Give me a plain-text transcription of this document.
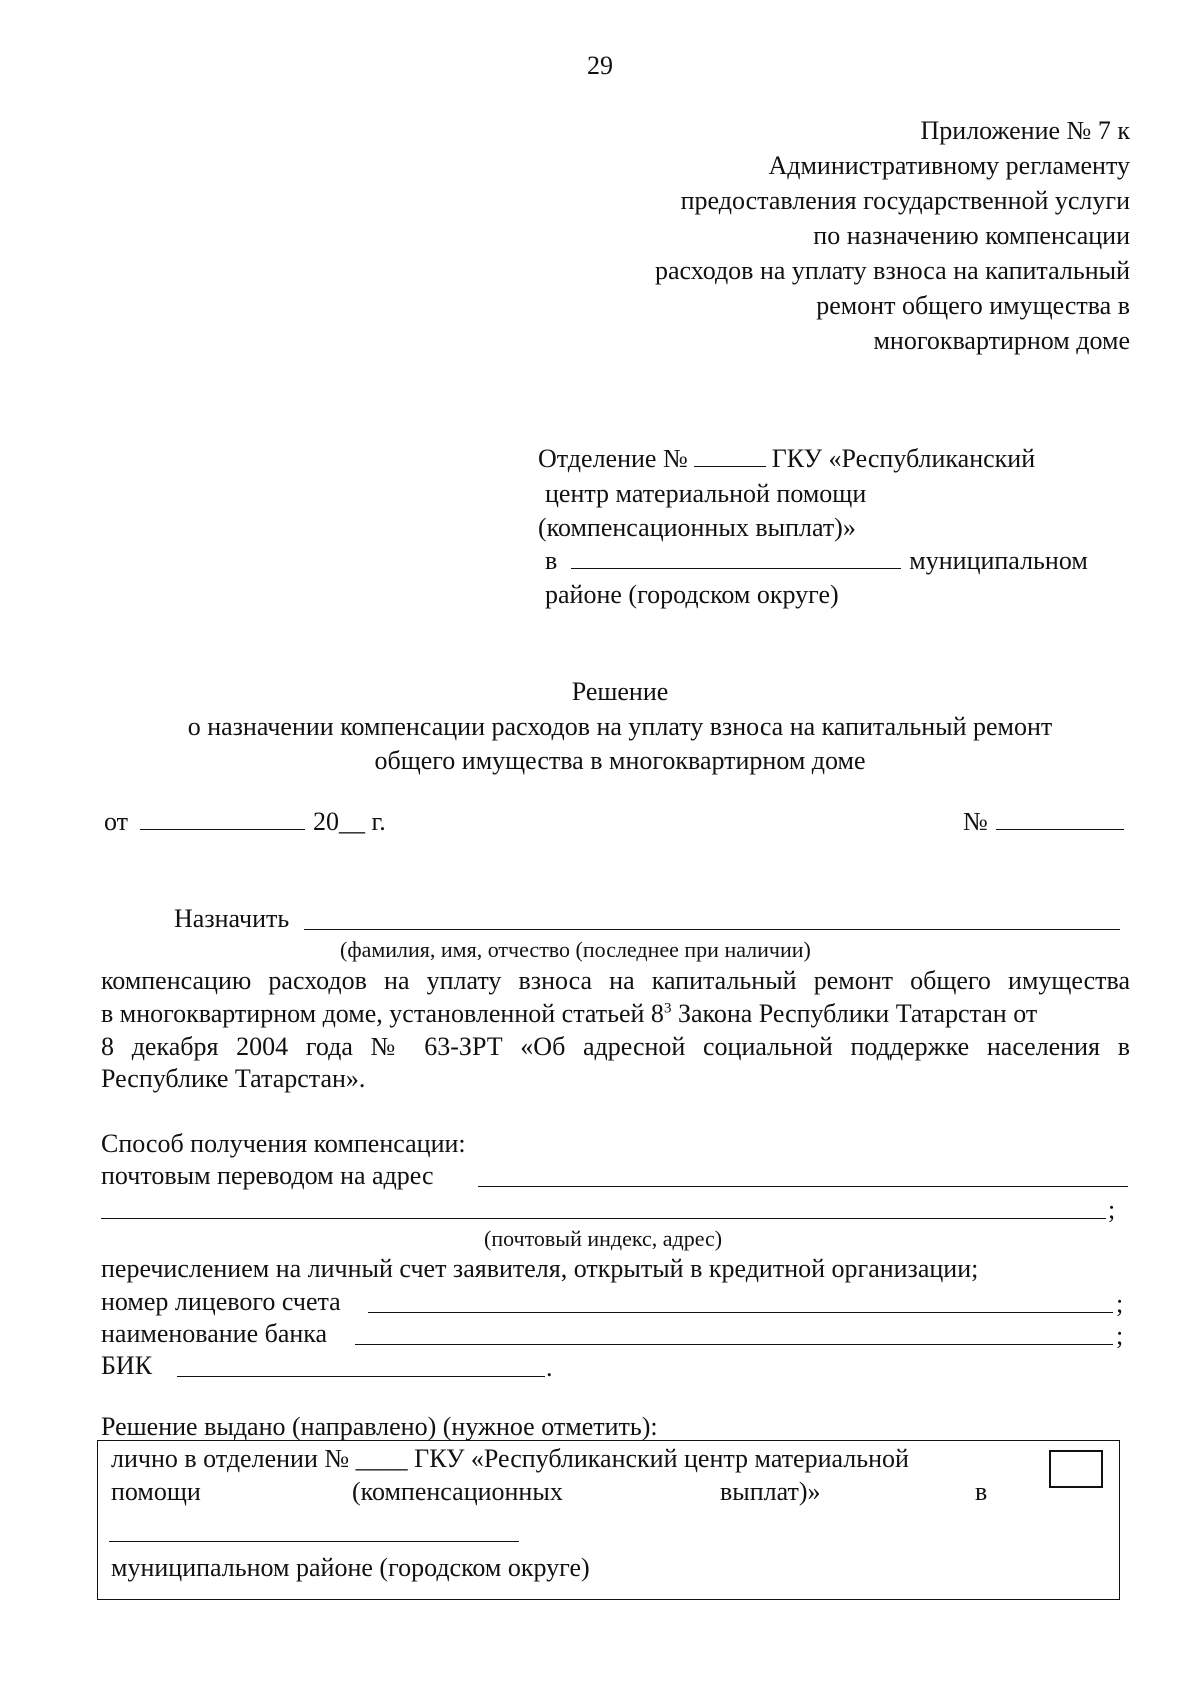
29
Приложение № 7 к
Административному регламенту
предоставления государственной услуги
по назначению компенсации
расходов на уплату взноса на капитальный
ремонт общего имущества в
многоквартирном доме
Отделение №	ГКУ «Республиканский
центр материальной помощи
(компенсационных выплат)»
в	муниципальном
районе (городском округе)
Решение
о назначении компенсации расходов на уплату взноса на капитальный ремонт
общего имущества в многоквартирном доме
от	20__ г.	№
Назначить
(фамилия, имя, отчество (последнее при наличии)
компенсацию расходов на уплату взноса на капитальный ремонт общего имущества
в многоквартирном доме, установленной статьей $8^3$ Закона Республики Татарстан от
8 декабря 2004 года № 63-ЗРТ «Об адресной социальной поддержке населения в
Республике Татарстан».
Способ получения компенсации:
почтовым переводом на адрес
;
(почтовый индекс, адрес)
перечислением на личный счет заявителя, открытый в кредитной организации;
номер лицевого счета	;
наименование банка	;
БИК	.
Решение выдано (направлено) (нужное отметить):
лично в отделении № ____ ГКУ «Республиканский центр материальной
помощи	(компенсационных	выплат)»	в
муниципальном районе (городском округе)
